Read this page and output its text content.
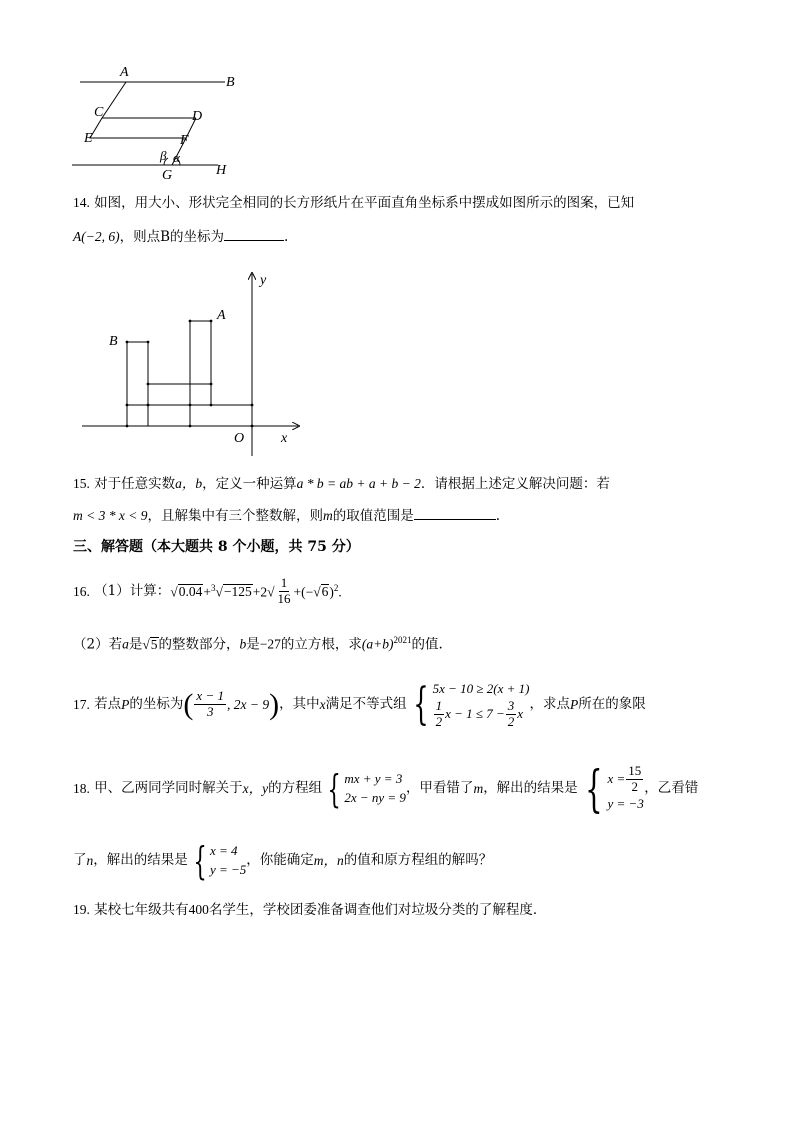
A
B
C	D
E	F
β α
G	H
14. 如图，用大小、形状完全相同的长方形纸片在平面直角坐标系中摆成如图所示的图案，已知
A(−2, 6)，则点B的坐标为	.
y
A
B
O	x
15. 对于任意实数a，b，定义一种运算a * b = ab + a + b − 2．请根据上述定义解决问题：若
m < 3 * x < 9，且解集中有三个整数解，则m的取值范围是	.
三、解答题（本大题共 8 个小题，共 75 分）
16.
（1）计算： $√0.04+^3√-125+2√ \frac{1}{16} +(-√6)^2$.
（2）若a是√5的整数部分，b是−27的立方根，求$(a+b)^{2021}$的值.
17.
若点 P 的坐标为 ( $\frac{x - 1}{3}$ , 2x − 9 ) ，其中 x 满足不等式组 { 5x − 10 ≥ 2(x + 1)
$\frac{1}{2}$ $x - 1 \le 7 - \frac{3}{2}$ x
，求点 P 所在的象限
18.
甲、乙两同学同时解关于 x，y 的方程组 { mx + y = 3
2x − ny = 9
，甲看错了 m ，解出的结果是 { $x = \frac{15}{2}$
y = −3
，乙看错
了 n ，解出的结果是 { x = 4
y = −5
，你能确定 m，n 的值和原方程组的解吗？
19. 某校七年级共有400名学生，学校团委准备调查他们对垃圾分类的了解程度．
